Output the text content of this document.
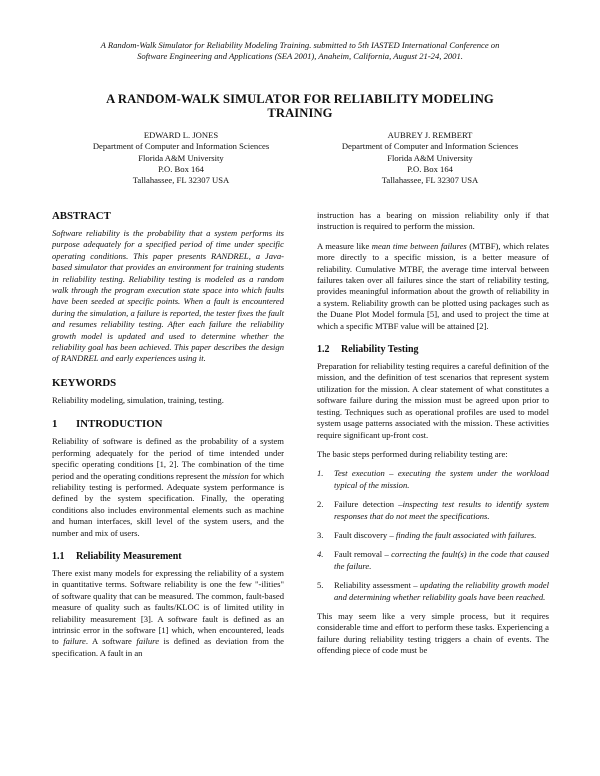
A Random-Walk Simulator for Reliability Modeling Training. submitted to 5th IASTED International Conference on
Software Engineering and Applications (SEA 2001), Anaheim, California, August 21-24, 2001.
A RANDOM-WALK SIMULATOR FOR RELIABILITY MODELING
TRAINING
EDWARD L. JONES
Department of Computer and Information Sciences
Florida A&M University
P.O. Box 164
Tallahassee, FL 32307 USA
AUBREY J. REMBERT
Department of Computer and Information Sciences
Florida A&M University
P.O. Box 164
Tallahassee, FL 32307 USA
ABSTRACT

Software reliability is the probability that a system performs its purpose adequately for a specified period of time under specific operating conditions. This paper presents RANDREL, a Java-based simulator that provides an environment for training students in reliability testing. Reliability testing is modeled as a random walk through the program execution state space into which faults have been seeded at specific points. When a fault is encountered during the simulation, a failure is reported, the tester fixes the fault and resumes reliability testing. After each failure the reliability growth model is updated and used to determine whether the reliability goal has been achieved. This paper describes the design of RANDREL and early experiences using it.

KEYWORDS

Reliability modeling, simulation, training, testing.

1 INTRODUCTION

Reliability of software is defined as the probability of a system performing adequately for the period of time intended under specific operating conditions [1, 2]. The combination of the time period and the operating conditions represent the mission for which reliability testing is performed. Adequate system performance is defined by the system specification. Finally, the operating conditions also includes environmental elements such as machine and human interfaces, skill level of the system users, and the number and mix of users.

1.1 Reliability Measurement

There exist many models for expressing the reliability of a system in quantitative terms. Software reliability is one the few "-ilities" of software quality that can be measured. The common, fault-based measure of quality such as faults/KLOC is of limited utility in reliability measurement [3]. A software fault is defined as an intrinsic error in the software [1] which, when encountered, leads to failure. A software failure is defined as deviation from the specification. A fault in an

instruction has a bearing on mission reliability only if that instruction is required to perform the mission.

A measure like mean time between failures (MTBF), which relates more directly to a specific mission, is a better measure of reliability. Cumulative MTBF, the average time interval between failures taken over all failures since the start of reliability testing, provides meaningful information about the growth of reliability in a system. Reliability growth can be plotted using packages such as the Duane Plot Model formula [5], and used to project the time at which a specific MTBF value will be attained [2].

1.2 Reliability Testing

Preparation for reliability testing requires a careful definition of the mission, and the definition of test scenarios that represent system utilization for the mission. A clear statement of what constitutes a software failure during the mission must be agreed upon prior to testing. Techniques such as operational profiles are used to model system usage patterns associated with the mission. These activities require significant up-front cost.

The basic steps performed during reliability testing are:

1. Test execution – executing the system under the workload typical of the mission.
2. Failure detection –inspecting test results to identify system responses that do not meet the specifications.
3. Fault discovery – finding the fault associated with failures.
4. Fault removal – correcting the fault(s) in the code that caused the failure.
5. Reliability assessment – updating the reliability growth model and determining whether reliability goals have been reached.

This may seem like a very simple process, but it requires considerable time and effort to perform these tasks. Experiencing a failure during reliability testing triggers a chain of events. The offending piece of code must be
